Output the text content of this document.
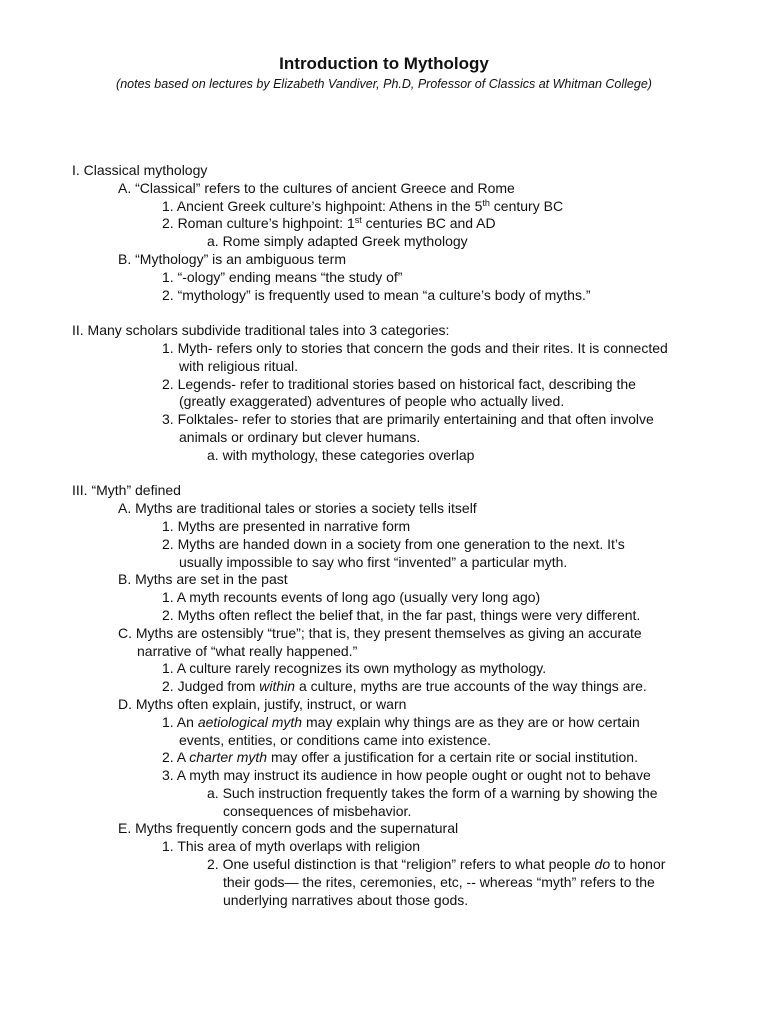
Introduction to Mythology
(notes based on lectures by Elizabeth Vandiver, Ph.D, Professor of Classics at Whitman College)
I. Classical mythology
A. “Classical” refers to the cultures of ancient Greece and Rome
1. Ancient Greek culture’s highpoint: Athens in the 5th century BC
2. Roman culture’s highpoint: 1st centuries BC and AD
a. Rome simply adapted Greek mythology
B. “Mythology” is an ambiguous term
1. “-ology” ending means “the study of”
2. “mythology” is frequently used to mean “a culture’s body of myths.”
II. Many scholars subdivide traditional tales into 3 categories:
1. Myth- refers only to stories that concern the gods and their rites. It is connected
with religious ritual.
2. Legends- refer to traditional stories based on historical fact, describing the
(greatly exaggerated) adventures of people who actually lived.
3. Folktales- refer to stories that are primarily entertaining and that often involve
animals or ordinary but clever humans.
a. with mythology, these categories overlap
III. “Myth” defined
A. Myths are traditional tales or stories a society tells itself
1. Myths are presented in narrative form
2. Myths are handed down in a society from one generation to the next. It’s
usually impossible to say who first “invented” a particular myth.
B. Myths are set in the past
1. A myth recounts events of long ago (usually very long ago)
2. Myths often reflect the belief that, in the far past, things were very different.
C. Myths are ostensibly “true”; that is, they present themselves as giving an accurate
narrative of “what really happened.”
1. A culture rarely recognizes its own mythology as mythology.
2. Judged from within a culture, myths are true accounts of the way things are.
D. Myths often explain, justify, instruct, or warn
1. An aetiological myth may explain why things are as they are or how certain
events, entities, or conditions came into existence.
2. A charter myth may offer a justification for a certain rite or social institution.
3. A myth may instruct its audience in how people ought or ought not to behave
a. Such instruction frequently takes the form of a warning by showing the
consequences of misbehavior.
E. Myths frequently concern gods and the supernatural
1. This area of myth overlaps with religion
2. One useful distinction is that “religion” refers to what people do to honor
their gods— the rites, ceremonies, etc, -- whereas “myth” refers to the
underlying narratives about those gods.
